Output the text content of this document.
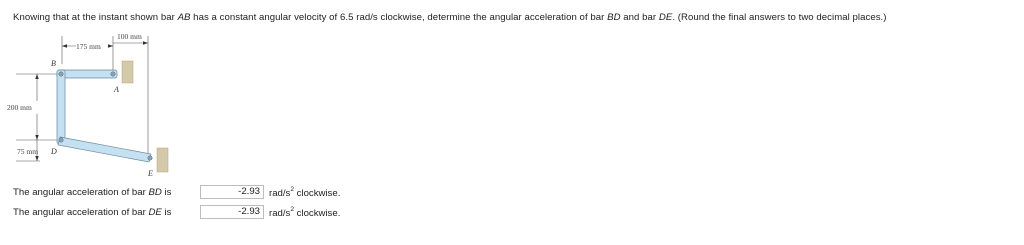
Knowing that at the instant shown bar AB has a constant angular velocity of 6.5 rad/s clockwise, determine the angular acceleration of bar BD and bar DE. (Round the final answers to two decimal places.)
175 mm
100 mm
200 mm
75 mm
B
A
D
E
The angular acceleration of bar BD is	-2.93 rad/$s^2$ clockwise.
The angular acceleration of bar DE is	-2.93 rad/$s^2$ clockwise.
